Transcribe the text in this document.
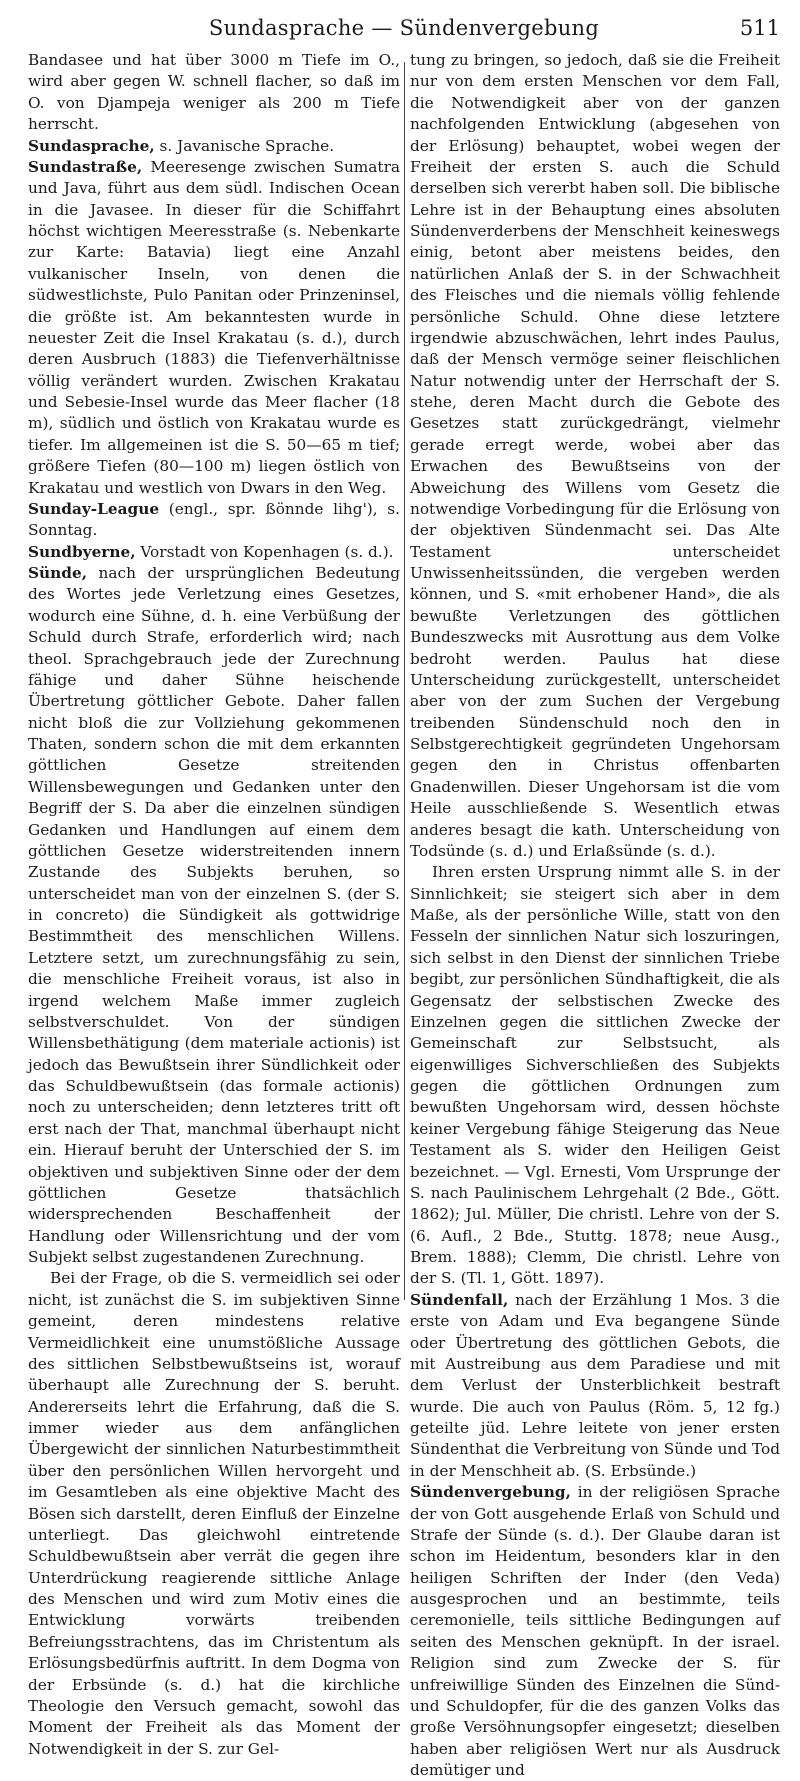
Sundasprache — Sündenvergebung	511

Bandasee und hat über 3000 m Tiefe im O., wird aber gegen W. schnell flacher, so daß im O. von Djampeja weniger als 200 m Tiefe herrscht.

Sundasprache, s. Javanische Sprache.

Sundastraße, Meeresenge zwischen Sumatra und Java, führt aus dem südl. Indischen Ocean in die Javasee. In dieser für die Schiffahrt höchst wichtigen Meeresstraße (s. Nebenkarte zur Karte: Batavia) liegt eine Anzahl vulkanischer Inseln, von denen die südwestlichste, Pulo Panitan oder Prinzeninsel, die größte ist. Am bekanntesten wurde in neuester Zeit die Insel Krakatau (s. d.), durch deren Ausbruch (1883) die Tiefenverhältnisse völlig verändert wurden. Zwischen Krakatau und Sebesie-Insel wurde das Meer flacher (18 m), südlich und östlich von Krakatau wurde es tiefer. Im allgemeinen ist die S. 50—65 m tief; größere Tiefen (80—100 m) liegen östlich von Krakatau und westlich von Dwars in den Weg.

Sunday-League (engl., spr. ßönnde lihg'), s. Sonntag.

Sundbyerne, Vorstadt von Kopenhagen (s. d.).

Sünde, nach der ursprünglichen Bedeutung des Wortes jede Verletzung eines Gesetzes, wodurch eine Sühne, d. h. eine Verbüßung der Schuld durch Strafe, erforderlich wird; nach theol. Sprachgebrauch jede der Zurechnung fähige und daher Sühne heischende Übertretung göttlicher Gebote. Daher fallen nicht bloß die zur Vollziehung gekommenen Thaten, sondern schon die mit dem erkannten göttlichen Gesetze streitenden Willensbewegungen und Gedanken unter den Begriff der S. Da aber die einzelnen sündigen Gedanken und Handlungen auf einem dem göttlichen Gesetze widerstreitenden innern Zustande des Subjekts beruhen, so unterscheidet man von der einzelnen S. (der S. in concreto) die Sündigkeit als gottwidrige Bestimmtheit des menschlichen Willens. Letztere setzt, um zurechnungsfähig zu sein, die menschliche Freiheit voraus, ist also in irgend welchem Maße immer zugleich selbstverschuldet. Von der sündigen Willensbethätigung (dem materiale actionis) ist jedoch das Bewußtsein ihrer Sündlichkeit oder das Schuldbewußtsein (das formale actionis) noch zu unterscheiden; denn letzteres tritt oft erst nach der That, manchmal überhaupt nicht ein. Hierauf beruht der Unterschied der S. im objektiven und subjektiven Sinne oder der dem göttlichen Gesetze thatsächlich widersprechenden Beschaffenheit der Handlung oder Willensrichtung und der vom Subjekt selbst zugestandenen Zurechnung.

Bei der Frage, ob die S. vermeidlich sei oder nicht, ist zunächst die S. im subjektiven Sinne gemeint, deren mindestens relative Vermeidlichkeit eine unumstößliche Aussage des sittlichen Selbstbewußtseins ist, worauf überhaupt alle Zurechnung der S. beruht. Andererseits lehrt die Erfahrung, daß die S. immer wieder aus dem anfänglichen Übergewicht der sinnlichen Naturbestimmtheit über den persönlichen Willen hervorgeht und im Gesamtleben als eine objektive Macht des Bösen sich darstellt, deren Einfluß der Einzelne unterliegt. Das gleichwohl eintretende Schuldbewußtsein aber verrät die gegen ihre Unterdrückung reagierende sittliche Anlage des Menschen und wird zum Motiv eines die Entwicklung vorwärts treibenden Befreiungsstrachtens, das im Christentum als Erlösungsbedürfnis auftritt. In dem Dogma von der Erbsünde (s. d.) hat die kirchliche Theologie den Versuch gemacht, sowohl das Moment der Freiheit als das Moment der Notwendigkeit in der S. zur Gel-

tung zu bringen, so jedoch, daß sie die Freiheit nur von dem ersten Menschen vor dem Fall, die Notwendigkeit aber von der ganzen nachfolgenden Entwicklung (abgesehen von der Erlösung) behauptet, wobei wegen der Freiheit der ersten S. auch die Schuld derselben sich vererbt haben soll. Die biblische Lehre ist in der Behauptung eines absoluten Sündenverderbens der Menschheit keineswegs einig, betont aber meistens beides, den natürlichen Anlaß der S. in der Schwachheit des Fleisches und die niemals völlig fehlende persönliche Schuld. Ohne diese letztere irgendwie abzuschwächen, lehrt indes Paulus, daß der Mensch vermöge seiner fleischlichen Natur notwendig unter der Herrschaft der S. stehe, deren Macht durch die Gebote des Gesetzes statt zurückgedrängt, vielmehr gerade erregt werde, wobei aber das Erwachen des Bewußtseins von der Abweichung des Willens vom Gesetz die notwendige Vorbedingung für die Erlösung von der objektiven Sündenmacht sei. Das Alte Testament unterscheidet Unwissenheitssünden, die vergeben werden können, und S. «mit erhobener Hand», die als bewußte Verletzungen des göttlichen Bundeszwecks mit Ausrottung aus dem Volke bedroht werden. Paulus hat diese Unterscheidung zurückgestellt, unterscheidet aber von der zum Suchen der Vergebung treibenden Sündenschuld noch den in Selbstgerechtigkeit gegründeten Ungehorsam gegen den in Christus offenbarten Gnadenwillen. Dieser Ungehorsam ist die vom Heile ausschließende S. Wesentlich etwas anderes besagt die kath. Unterscheidung von Todsünde (s. d.) und Erlaßsünde (s. d.).

Ihren ersten Ursprung nimmt alle S. in der Sinnlichkeit; sie steigert sich aber in dem Maße, als der persönliche Wille, statt von den Fesseln der sinnlichen Natur sich loszuringen, sich selbst in den Dienst der sinnlichen Triebe begibt, zur persönlichen Sündhaftigkeit, die als Gegensatz der selbstischen Zwecke des Einzelnen gegen die sittlichen Zwecke der Gemeinschaft zur Selbstsucht, als eigenwilliges Sichverschließen des Subjekts gegen die göttlichen Ordnungen zum bewußten Ungehorsam wird, dessen höchste keiner Vergebung fähige Steigerung das Neue Testament als S. wider den Heiligen Geist bezeichnet. — Vgl. Ernesti, Vom Ursprunge der S. nach Paulinischem Lehrgehalt (2 Bde., Gött. 1862); Jul. Müller, Die christl. Lehre von der S. (6. Aufl., 2 Bde., Stuttg. 1878; neue Ausg., Brem. 1888); Clemm, Die christl. Lehre von der S. (Tl. 1, Gött. 1897).

Sündenfall, nach der Erzählung 1 Mos. 3 die erste von Adam und Eva begangene Sünde oder Übertretung des göttlichen Gebots, die mit Austreibung aus dem Paradiese und mit dem Verlust der Unsterblichkeit bestraft wurde. Die auch von Paulus (Röm. 5, 12 fg.) geteilte jüd. Lehre leitete von jener ersten Sündenthat die Verbreitung von Sünde und Tod in der Menschheit ab. (S. Erbsünde.)

Sündenvergebung, in der religiösen Sprache der von Gott ausgehende Erlaß von Schuld und Strafe der Sünde (s. d.). Der Glaube daran ist schon im Heidentum, besonders klar in den heiligen Schriften der Inder (den Veda) ausgesprochen und an bestimmte, teils ceremonielle, teils sittliche Bedingungen auf seiten des Menschen geknüpft. In der israel. Religion sind zum Zwecke der S. für unfreiwillige Sünden des Einzelnen die Sünd- und Schuldopfer, für die des ganzen Volks das große Versöhnungsopfer eingesetzt; dieselben haben aber religiösen Wert nur als Ausdruck demütiger und
